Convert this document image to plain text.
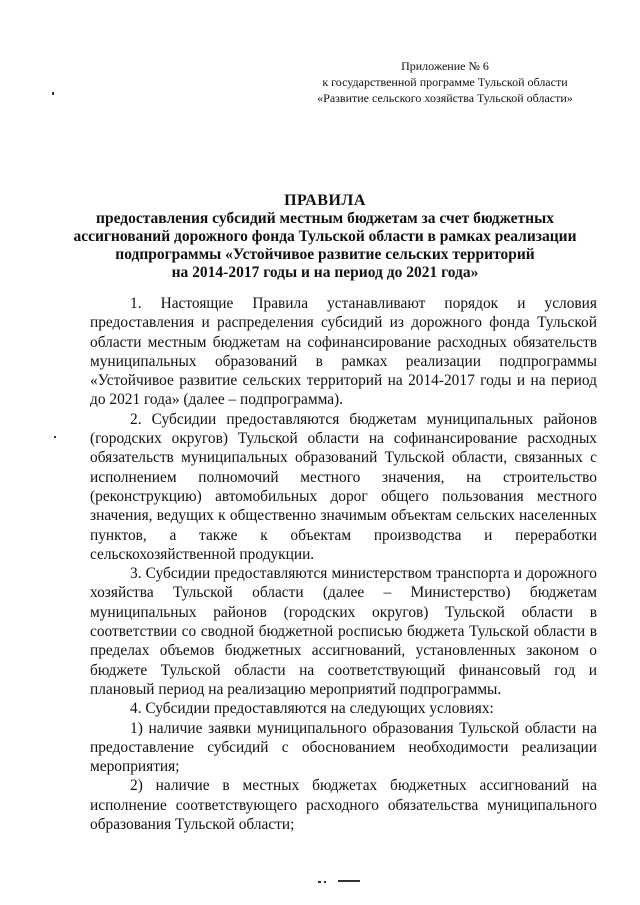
Приложение № 6
к государственной программе Тульской области
«Развитие сельского хозяйства Тульской области»
ПРАВИЛА
предоставления субсидий местным бюджетам за счет бюджетных
ассигнований дорожного фонда Тульской области в рамках реализации
подпрограммы «Устойчивое развитие сельских территорий
на 2014-2017 годы и на период до 2021 года»

1. Настоящие Правила устанавливают порядок и условия предоставления и распределения субсидий из дорожного фонда Тульской области местным бюджетам на софинансирование расходных обязательств муниципальных образований в рамках реализации подпрограммы «Устойчивое развитие сельских территорий на 2014-2017 годы и на период до 2021 года» (далее – подпрограмма).

2. Субсидии предоставляются бюджетам муниципальных районов (городских округов) Тульской области на софинансирование расходных обязательств муниципальных образований Тульской области, связанных с исполнением полномочий местного значения, на строительство (реконструкцию) автомобильных дорог общего пользования местного значения, ведущих к общественно значимым объектам сельских населенных пунктов, а также к объектам производства и переработки сельскохозяйственной продукции.

3. Субсидии предоставляются министерством транспорта и дорожного хозяйства Тульской области (далее – Министерство) бюджетам муниципальных районов (городских округов) Тульской области в соответствии со сводной бюджетной росписью бюджета Тульской области в пределах объемов бюджетных ассигнований, установленных законом о бюджете Тульской области на соответствующий финансовый год и плановый период на реализацию мероприятий подпрограммы.

4. Субсидии предоставляются на следующих условиях:

1) наличие заявки муниципального образования Тульской области на предоставление субсидий с обоснованием необходимости реализации мероприятия;

2) наличие в местных бюджетах бюджетных ассигнований на исполнение соответствующего расходного обязательства муниципального образования Тульской области;
